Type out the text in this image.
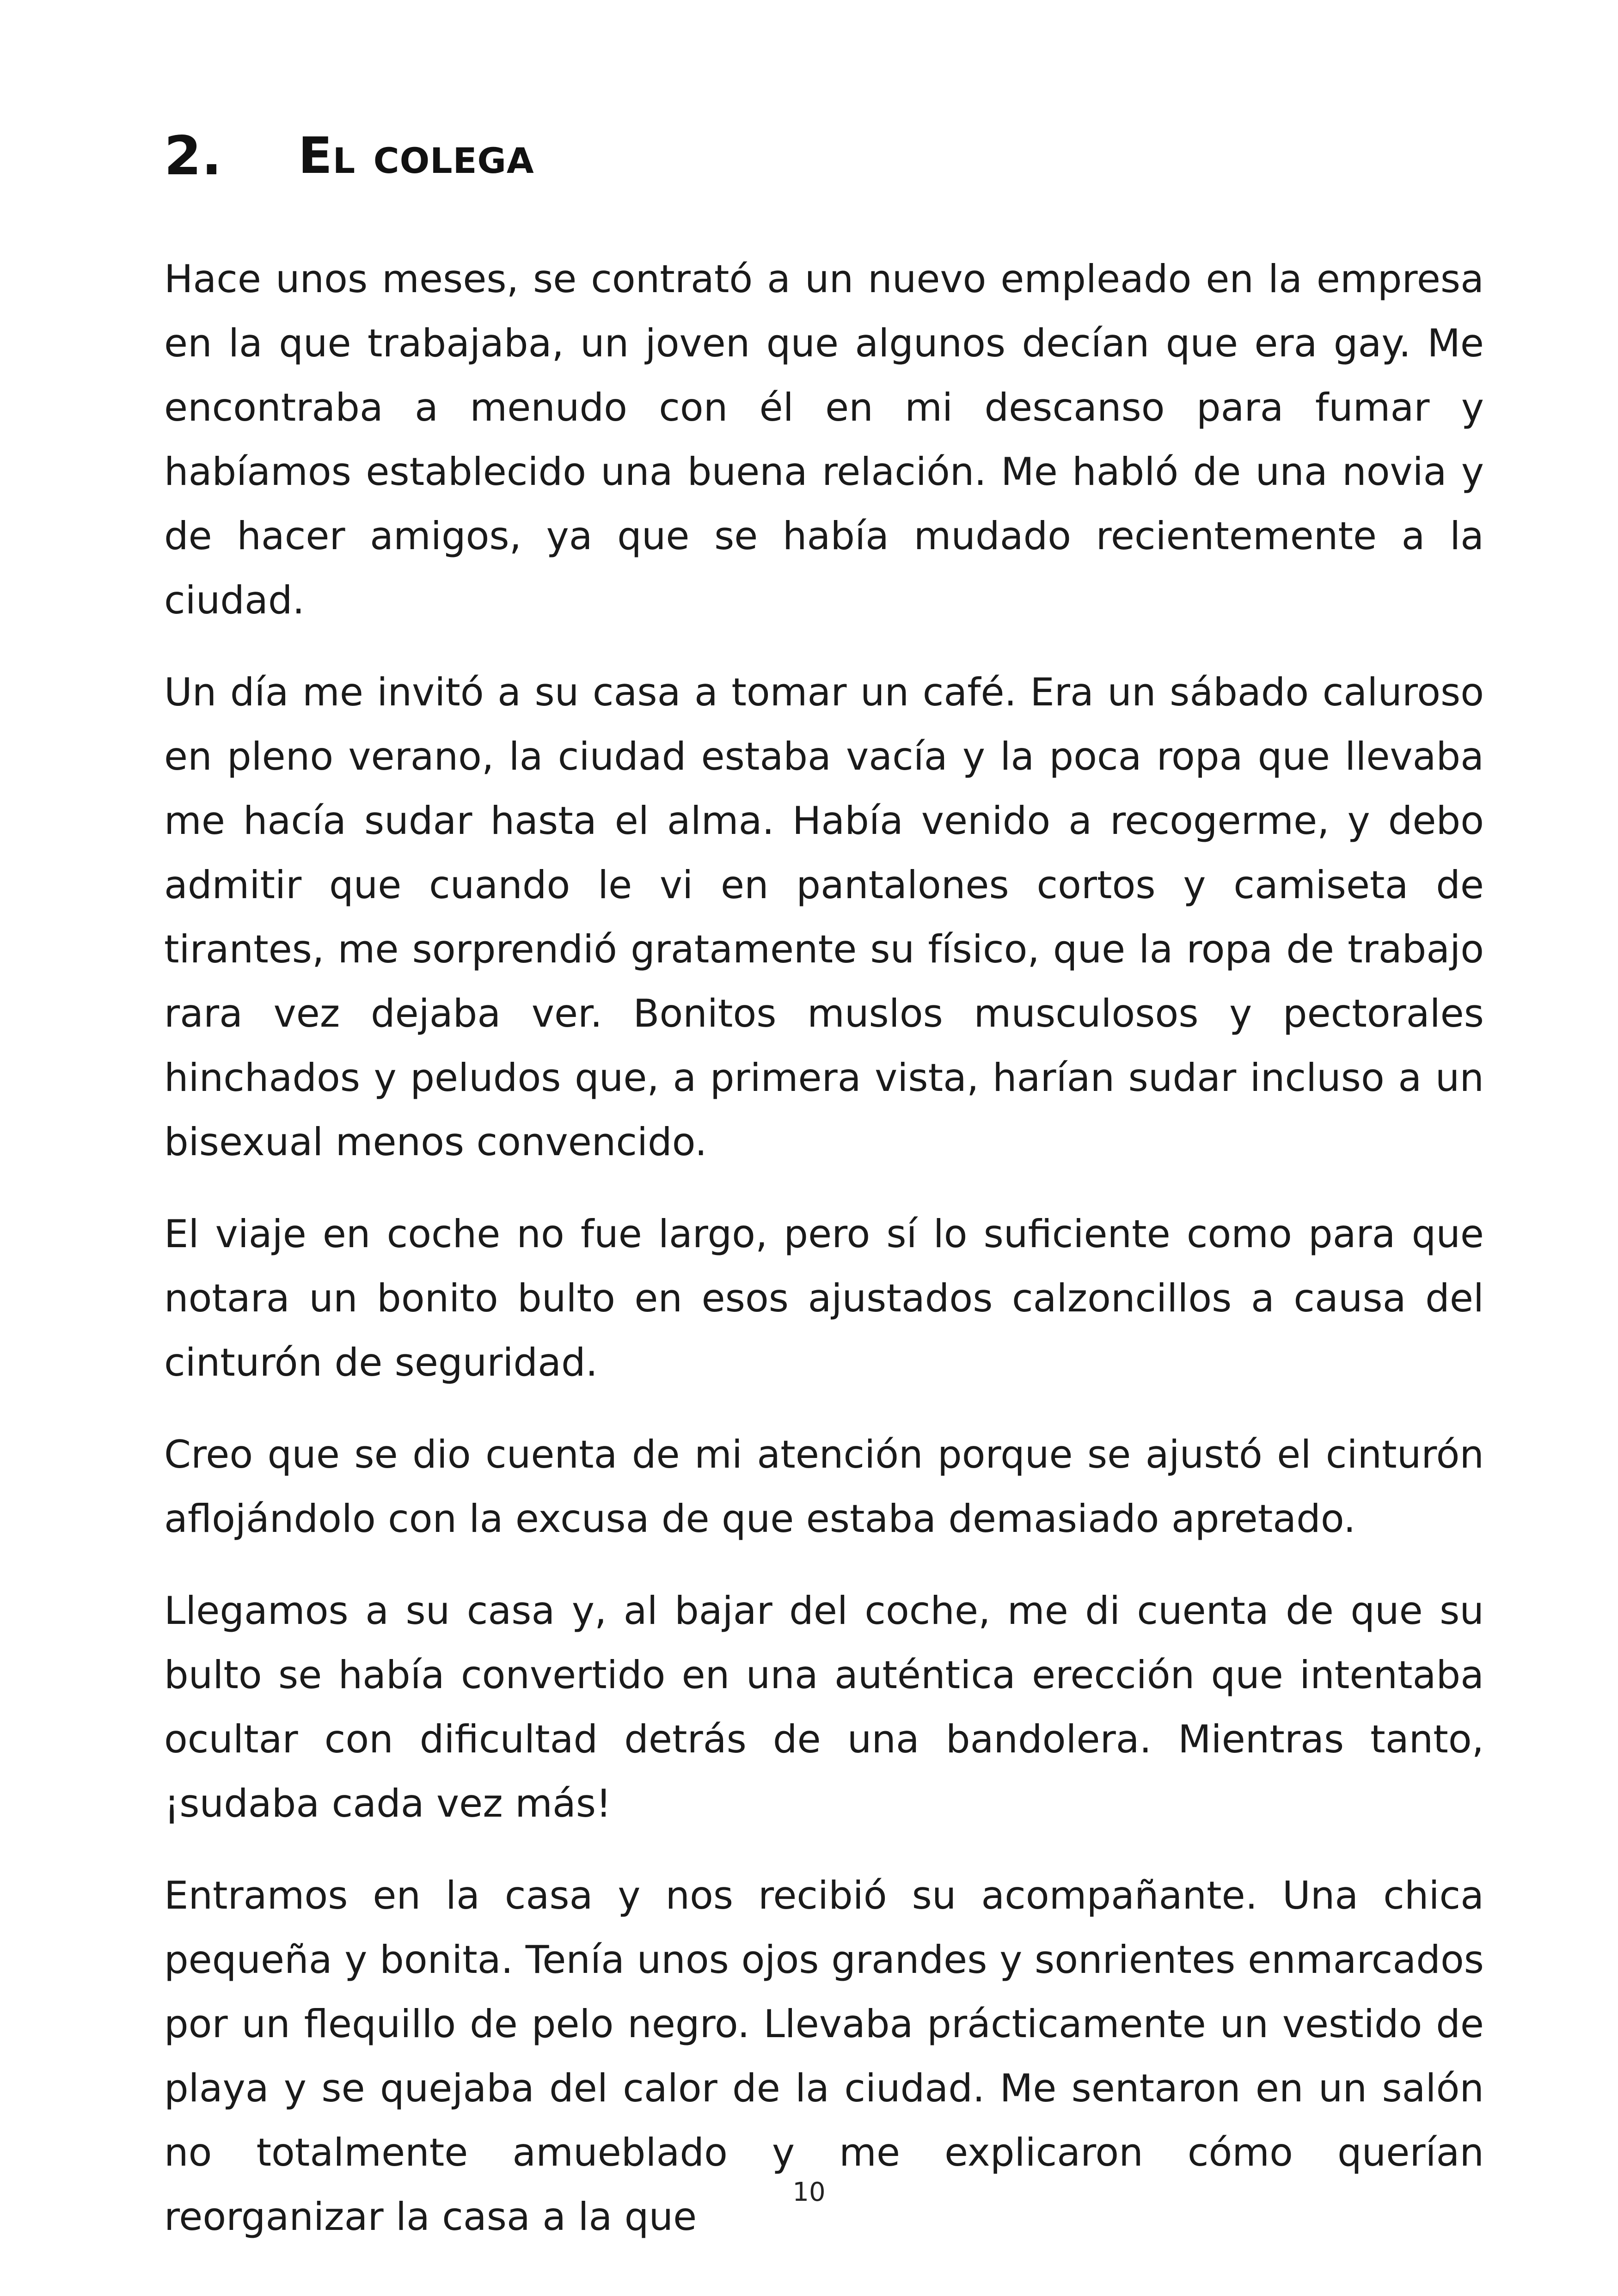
2.	El colega

Hace unos meses, se contrató a un nuevo empleado en la empresa en la que trabajaba, un joven que algunos decían que era gay. Me encontraba a menudo con él en mi descanso para fumar y habíamos establecido una buena relación. Me habló de una novia y de hacer amigos, ya que se había mudado recientemente a la ciudad.

Un día me invitó a su casa a tomar un café. Era un sábado caluroso en pleno verano, la ciudad estaba vacía y la poca ropa que llevaba me hacía sudar hasta el alma. Había venido a recogerme, y debo admitir que cuando le vi en pantalones cortos y camiseta de tirantes, me sorprendió gratamente su físico, que la ropa de trabajo rara vez dejaba ver. Bonitos muslos musculosos y pectorales hinchados y peludos que, a primera vista, harían sudar incluso a un bisexual menos convencido.

El viaje en coche no fue largo, pero sí lo suficiente como para que notara un bonito bulto en esos ajustados calzoncillos a causa del cinturón de seguridad.

Creo que se dio cuenta de mi atención porque se ajustó el cinturón aflojándolo con la excusa de que estaba demasiado apretado.

Llegamos a su casa y, al bajar del coche, me di cuenta de que su bulto se había convertido en una auténtica erección que intentaba ocultar con dificultad detrás de una bandolera. Mientras tanto, ¡sudaba cada vez más!

Entramos en la casa y nos recibió su acompañante. Una chica pequeña y bonita. Tenía unos ojos grandes y sonrientes enmarcados por un flequillo de pelo negro. Llevaba prácticamente un vestido de playa y se quejaba del calor de la ciudad. Me sentaron en un salón no totalmente amueblado y me explicaron cómo querían reorganizar la casa a la que

10
